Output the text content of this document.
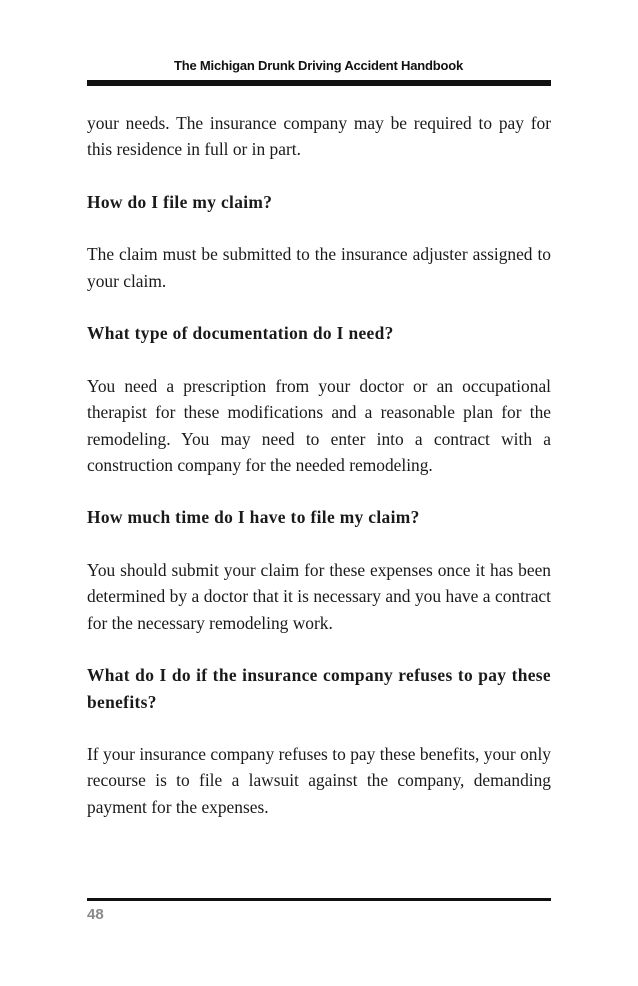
The Michigan Drunk Driving Accident Handbook

your needs. The insurance company may be required to pay for this residence in full or in part.

How do I file my claim?

The claim must be submitted to the insurance adjuster assigned to your claim.

What type of documentation do I need?

You need a prescription from your doctor or an occupational therapist for these modifications and a reasonable plan for the remodeling. You may need to enter into a contract with a construction company for the needed remodeling.

How much time do I have to file my claim?

You should submit your claim for these expenses once it has been determined by a doctor that it is necessary and you have a contract for the necessary remodeling work.

What do I do if the insurance company refuses to pay these benefits?

If your insurance company refuses to pay these benefits, your only recourse is to file a lawsuit against the company, demanding payment for the expenses.

48
